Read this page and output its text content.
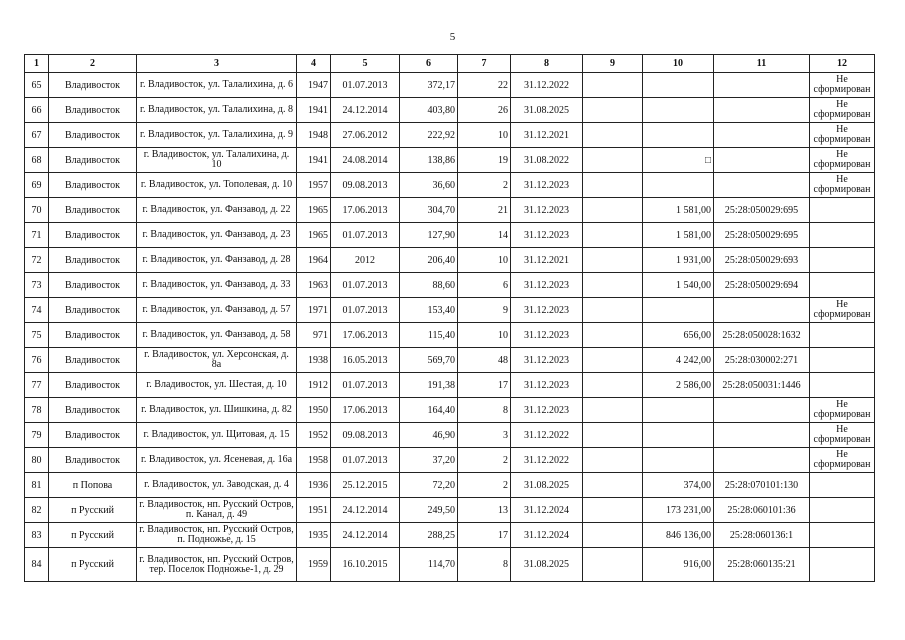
5
1	2	3	4	5	6	7	8	9	10	11	12
65	Владивосток	г. Владивосток, ул. Талалихина, д. 6	1947	01.07.2013	372,17	22	31.12.2022				Не сформирован
66	Владивосток	г. Владивосток, ул. Талалихина, д. 8	1941	24.12.2014	403,80	26	31.08.2025				Не сформирован
67	Владивосток	г. Владивосток, ул. Талалихина, д. 9	1948	27.06.2012	222,92	10	31.12.2021				Не сформирован
68	Владивосток	г. Владивосток, ул. Талалихина, д. 10	1941	24.08.2014	138,86	19	31.08.2022		□		Не сформирован
69	Владивосток	г. Владивосток, ул. Тополевая, д. 10	1957	09.08.2013	36,60	2	31.12.2023				Не сформирован
70	Владивосток	г. Владивосток, ул. Фанзавод, д. 22	1965	17.06.2013	304,70	21	31.12.2023		1 581,00	25:28:050029:695	
71	Владивосток	г. Владивосток, ул. Фанзавод, д. 23	1965	01.07.2013	127,90	14	31.12.2023		1 581,00	25:28:050029:695	
72	Владивосток	г. Владивосток, ул. Фанзавод, д. 28	1964	2012	206,40	10	31.12.2021		1 931,00	25:28:050029:693	
73	Владивосток	г. Владивосток, ул. Фанзавод, д. 33	1963	01.07.2013	88,60	6	31.12.2023		1 540,00	25:28:050029:694	
74	Владивосток	г. Владивосток, ул. Фанзавод, д. 57	1971	01.07.2013	153,40	9	31.12.2023				Не сформирован
75	Владивосток	г. Владивосток, ул. Фанзавод, д. 58	971	17.06.2013	115,40	10	31.12.2023		656,00	25:28:050028:1632	
76	Владивосток	г. Владивосток, ул. Херсонская, д. 8а	1938	16.05.2013	569,70	48	31.12.2023		4 242,00	25:28:030002:271	
77	Владивосток	г. Владивосток, ул. Шестая, д. 10	1912	01.07.2013	191,38	17	31.12.2023		2 586,00	25:28:050031:1446	
78	Владивосток	г. Владивосток, ул. Шишкина, д. 82	1950	17.06.2013	164,40	8	31.12.2023				Не сформирован
79	Владивосток	г. Владивосток, ул. Щитовая, д. 15	1952	09.08.2013	46,90	3	31.12.2022				Не сформирован
80	Владивосток	г. Владивосток, ул. Ясеневая, д. 16а	1958	01.07.2013	37,20	2	31.12.2022				Не сформирован
81	п Попова	г. Владивосток, ул. Заводская, д. 4	1936	25.12.2015	72,20	2	31.08.2025		374,00	25:28:070101:130	
82	п Русский	г. Владивосток, нп. Русский Остров, п. Канал, д. 49	1951	24.12.2014	249,50	13	31.12.2024		173 231,00	25:28:060101:36	
83	п Русский	г. Владивосток, нп. Русский Остров, п. Подножье, д. 15	1935	24.12.2014	288,25	17	31.12.2024		846 136,00	25:28:060136:1	
84	п Русский	г. Владивосток, нп. Русский Остров, тер. Поселок Подножье-1, д. 29	1959	16.10.2015	114,70	8	31.08.2025		916,00	25:28:060135:21	
